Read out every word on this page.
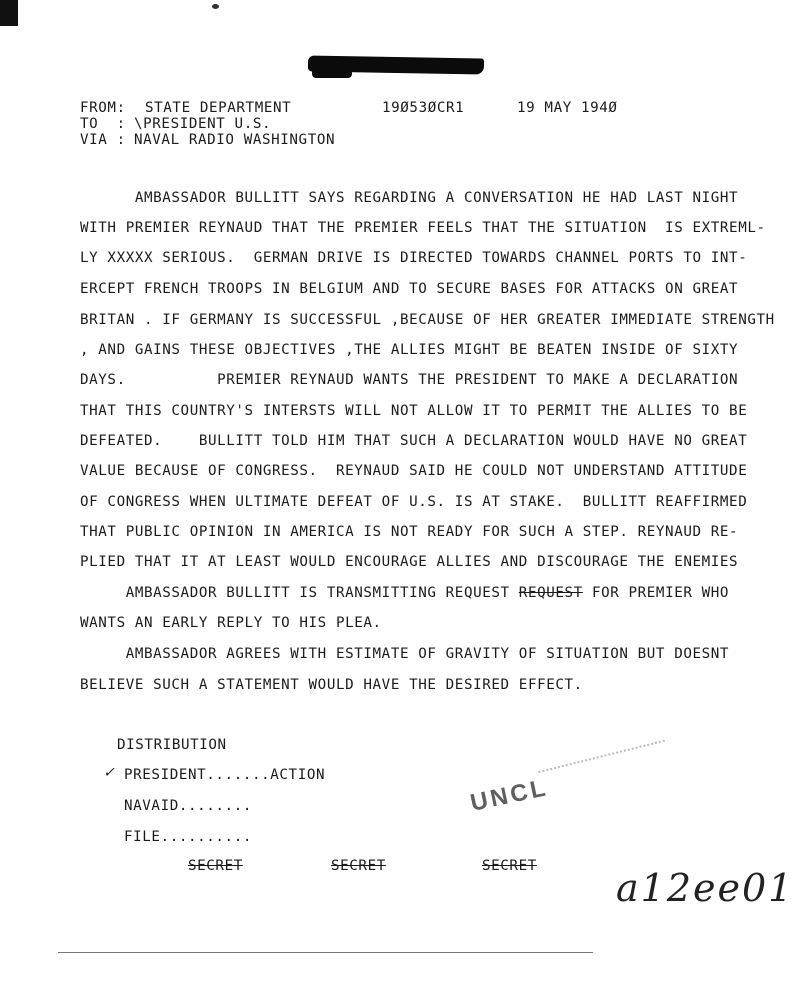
FROM: STATE DEPARTMENT	19Ø53ØCR1	19 MAY 194Ø
TO  : \PRESIDENT U.S.
VIA : NAVAL RADIO WASHINGTON
AMBASSADOR BULLITT SAYS REGARDING A CONVERSATION HE HAD LAST NIGHT
WITH PREMIER REYNAUD THAT THE PREMIER FEELS THAT THE SITUATION  IS EXTREML-
LY XXXXX SERIOUS.  GERMAN DRIVE IS DIRECTED TOWARDS CHANNEL PORTS TO INT-
ERCEPT FRENCH TROOPS IN BELGIUM AND TO SECURE BASES FOR ATTACKS ON GREAT
BRITAN . IF GERMANY IS SUCCESSFUL ,BECAUSE OF HER GREATER IMMEDIATE STRENGTH
, AND GAINS THESE OBJECTIVES ,THE ALLIES MIGHT BE BEATEN INSIDE OF SIXTY
DAYS.          PREMIER REYNAUD WANTS THE PRESIDENT TO MAKE A DECLARATION
THAT THIS COUNTRY'S INTERSTS WILL NOT ALLOW IT TO PERMIT THE ALLIES TO BE
DEFEATED.    BULLITT TOLD HIM THAT SUCH A DECLARATION WOULD HAVE NO GREAT
VALUE BECAUSE OF CONGRESS.  REYNAUD SAID HE COULD NOT UNDERSTAND ATTITUDE
OF CONGRESS WHEN ULTIMATE DEFEAT OF U.S. IS AT STAKE.  BULLITT REAFFIRMED
THAT PUBLIC OPINION IN AMERICA IS NOT READY FOR SUCH A STEP. REYNAUD RE-
PLIED THAT IT AT LEAST WOULD ENCOURAGE ALLIES AND DISCOURAGE THE ENEMIES
AMBASSADOR BULLITT IS TRANSMITTING REQUEST REQUEST FOR PREMIER WHO
WANTS AN EARLY REPLY TO HIS PLEA.
AMBASSADOR AGREES WITH ESTIMATE OF GRAVITY OF SITUATION BUT DOESNT
BELIEVE SUCH A STATEMENT WOULD HAVE THE DESIRED EFFECT.
DISTRIBUTION
✓ PRESIDENT.......ACTION
NAVAID........
FILE..........
SECRET	SECRET	SECRET
UNCL
a12ee01
